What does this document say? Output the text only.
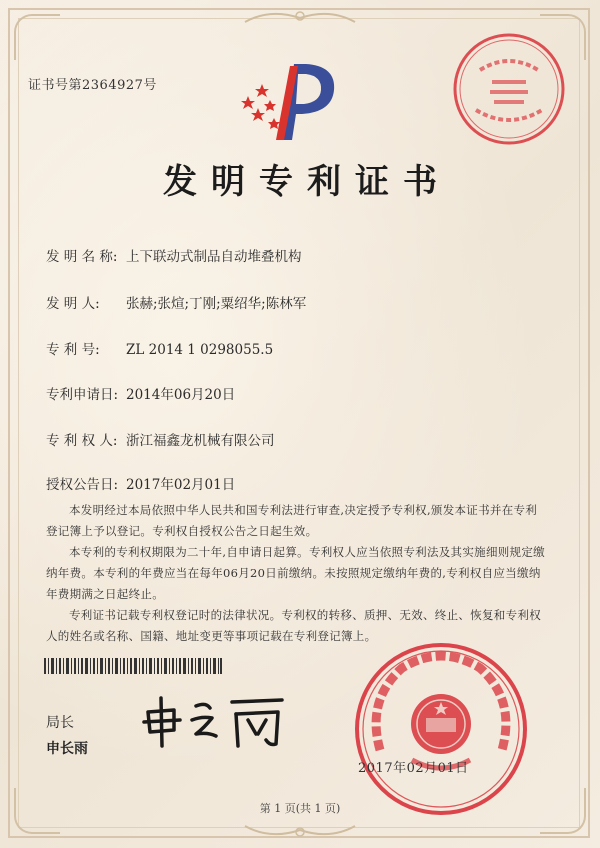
证书号第2364927号
发明专利证书
发 明 名 称: 上下联动式制品自动堆叠机构
发 明 人: 张赫;张煊;丁刚;粟绍华;陈林军
专 利 号: ZL 2014 1 0298055.5
专利申请日: 2014年06月20日
专 利 权 人: 浙江福鑫龙机械有限公司
授权公告日: 2017年02月01日

本发明经过本局依照中华人民共和国专利法进行审查,决定授予专利权,颁发本证书并在专利登记簿上予以登记。专利权自授权公告之日起生效。

本专利的专利权期限为二十年,自申请日起算。专利权人应当依照专利法及其实施细则规定缴纳年费。本专利的年费应当在每年06月20日前缴纳。未按照规定缴纳年费的,专利权自应当缴纳年费期满之日起终止。

专利证书记载专利权登记时的法律状况。专利权的转移、质押、无效、终止、恢复和专利权人的姓名或名称、国籍、地址变更等事项记载在专利登记簿上。

局长
申长雨
2017年02月01日
第 1 页(共 1 页)
